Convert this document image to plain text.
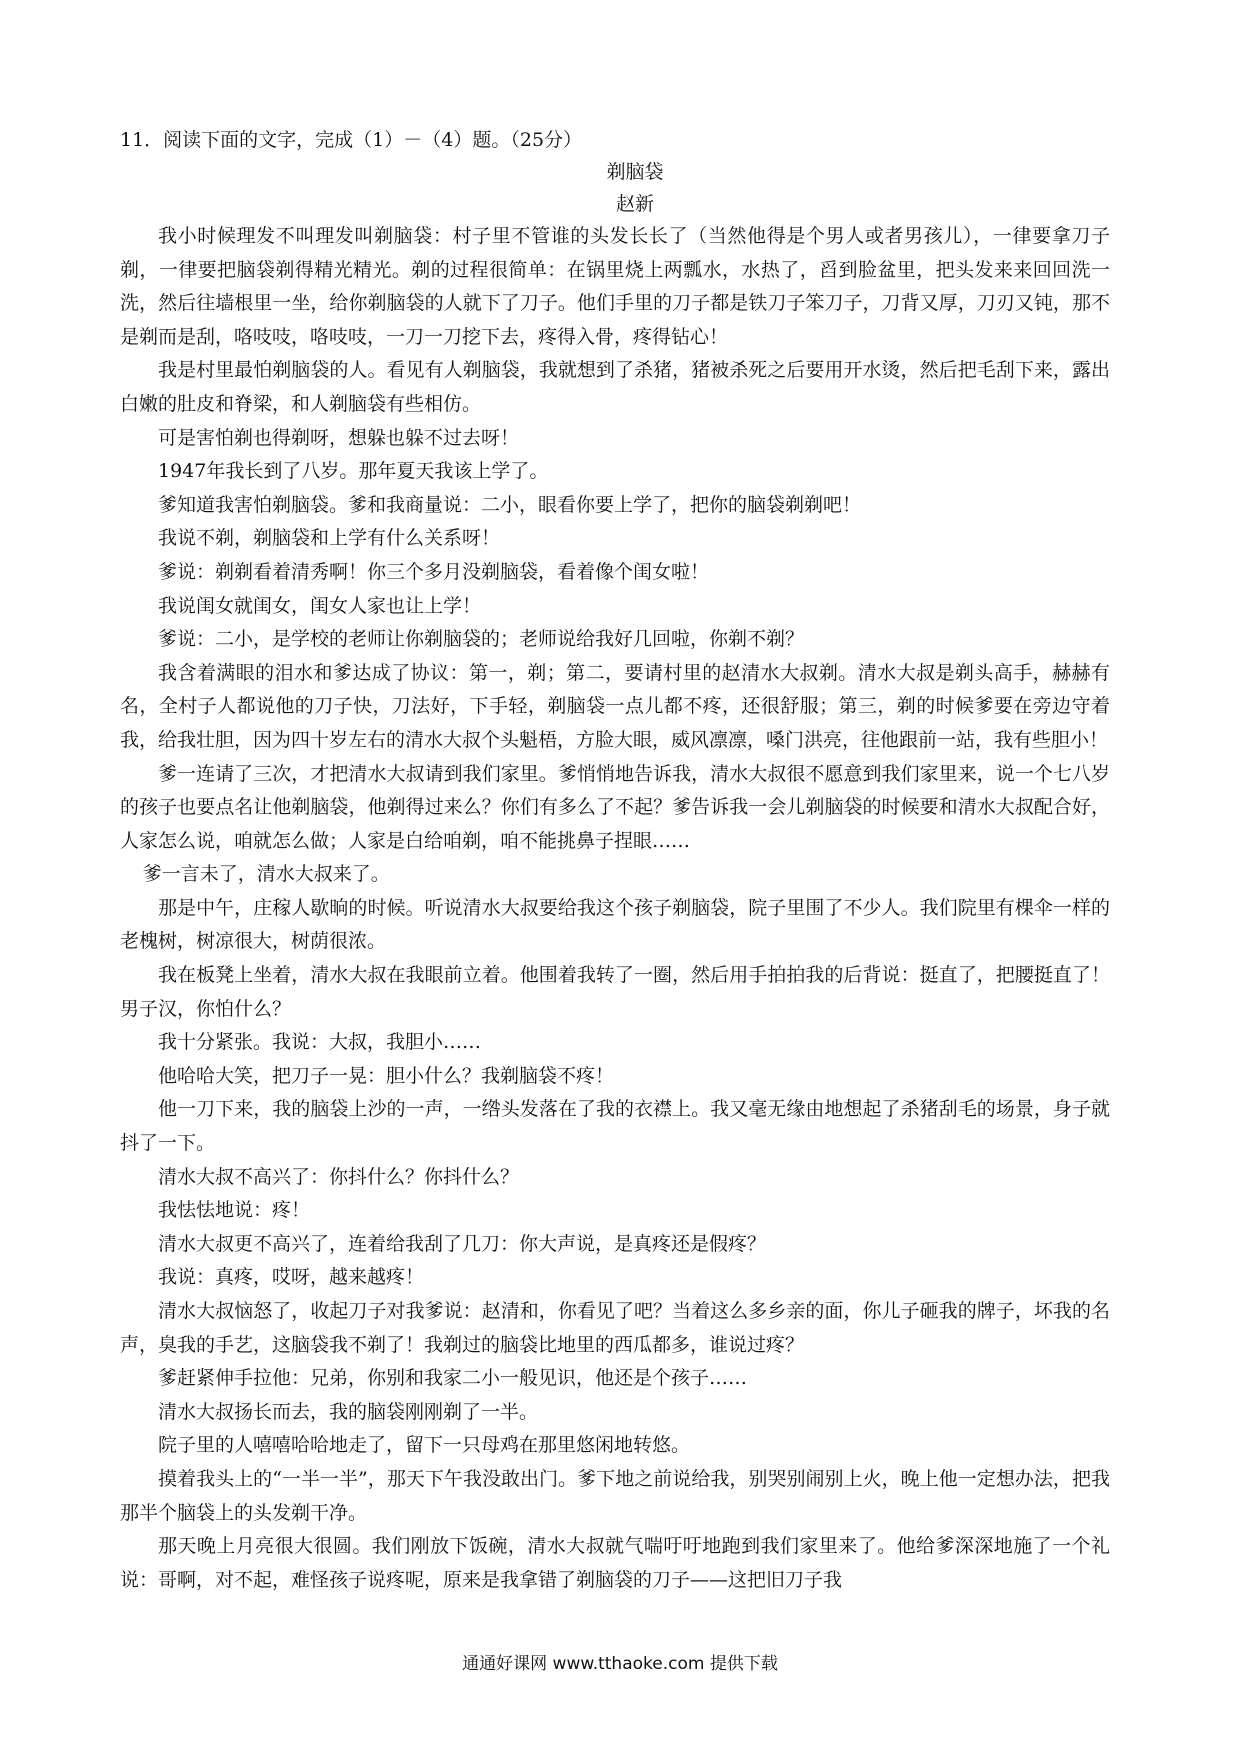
11．阅读下面的文字，完成（1）－（4）题。（25分）

剃脑袋

赵新

我小时候理发不叫理发叫剃脑袋：村子里不管谁的头发长长了（当然他得是个男人或者男孩儿），一律要拿刀子剃，一律要把脑袋剃得精光精光。剃的过程很简单：在锅里烧上两瓢水，水热了，舀到脸盆里，把头发来来回回洗一洗，然后往墙根里一坐，给你剃脑袋的人就下了刀子。他们手里的刀子都是铁刀子笨刀子，刀背又厚，刀刃又钝，那不是剃而是刮，咯吱吱，咯吱吱，一刀一刀挖下去，疼得入骨，疼得钻心！

我是村里最怕剃脑袋的人。看见有人剃脑袋，我就想到了杀猪，猪被杀死之后要用开水烫，然后把毛刮下来，露出白嫩的肚皮和脊梁，和人剃脑袋有些相仿。

可是害怕剃也得剃呀，想躲也躲不过去呀！

1947年我长到了八岁。那年夏天我该上学了。

爹知道我害怕剃脑袋。爹和我商量说：二小，眼看你要上学了，把你的脑袋剃剃吧！

我说不剃，剃脑袋和上学有什么关系呀！

爹说：剃剃看着清秀啊！你三个多月没剃脑袋，看着像个闺女啦！

我说闺女就闺女，闺女人家也让上学！

爹说：二小，是学校的老师让你剃脑袋的；老师说给我好几回啦，你剃不剃？

我含着满眼的泪水和爹达成了协议：第一，剃；第二，要请村里的赵清水大叔剃。清水大叔是剃头高手，赫赫有名，全村子人都说他的刀子快，刀法好，下手轻，剃脑袋一点儿都不疼，还很舒服；第三，剃的时候爹要在旁边守着我，给我壮胆，因为四十岁左右的清水大叔个头魁梧，方脸大眼，威风凛凛，嗓门洪亮，往他跟前一站，我有些胆小！

爹一连请了三次，才把清水大叔请到我们家里。爹悄悄地告诉我，清水大叔很不愿意到我们家里来，说一个七八岁的孩子也要点名让他剃脑袋，他剃得过来么？你们有多么了不起？爹告诉我一会儿剃脑袋的时候要和清水大叔配合好，人家怎么说，咱就怎么做；人家是白给咱剃，咱不能挑鼻子捏眼……

爹一言未了，清水大叔来了。

那是中午，庄稼人歇晌的时候。听说清水大叔要给我这个孩子剃脑袋，院子里围了不少人。我们院里有棵伞一样的老槐树，树凉很大，树荫很浓。

我在板凳上坐着，清水大叔在我眼前立着。他围着我转了一圈，然后用手拍拍我的后背说：挺直了，把腰挺直了！男子汉，你怕什么？

我十分紧张。我说：大叔，我胆小……

他哈哈大笑，把刀子一晃：胆小什么？我剃脑袋不疼！

他一刀下来，我的脑袋上沙的一声，一绺头发落在了我的衣襟上。我又毫无缘由地想起了杀猪刮毛的场景，身子就抖了一下。

清水大叔不高兴了：你抖什么？你抖什么？

我怯怯地说：疼！

清水大叔更不高兴了，连着给我刮了几刀：你大声说，是真疼还是假疼？

我说：真疼，哎呀，越来越疼！

清水大叔恼怒了，收起刀子对我爹说：赵清和，你看见了吧？当着这么多乡亲的面，你儿子砸我的牌子，坏我的名声，臭我的手艺，这脑袋我不剃了！我剃过的脑袋比地里的西瓜都多，谁说过疼？

爹赶紧伸手拉他：兄弟，你别和我家二小一般见识，他还是个孩子……

清水大叔扬长而去，我的脑袋刚刚剃了一半。

院子里的人嘻嘻哈哈地走了，留下一只母鸡在那里悠闲地转悠。

摸着我头上的“一半一半”，那天下午我没敢出门。爹下地之前说给我，别哭别闹别上火，晚上他一定想办法，把我那半个脑袋上的头发剃干净。

那天晚上月亮很大很圆。我们刚放下饭碗，清水大叔就气喘吁吁地跑到我们家里来了。他给爹深深地施了一个礼说：哥啊，对不起，难怪孩子说疼呢，原来是我拿错了剃脑袋的刀子——这把旧刀子我

通通好课网 www.tthaoke.com 提供下载
